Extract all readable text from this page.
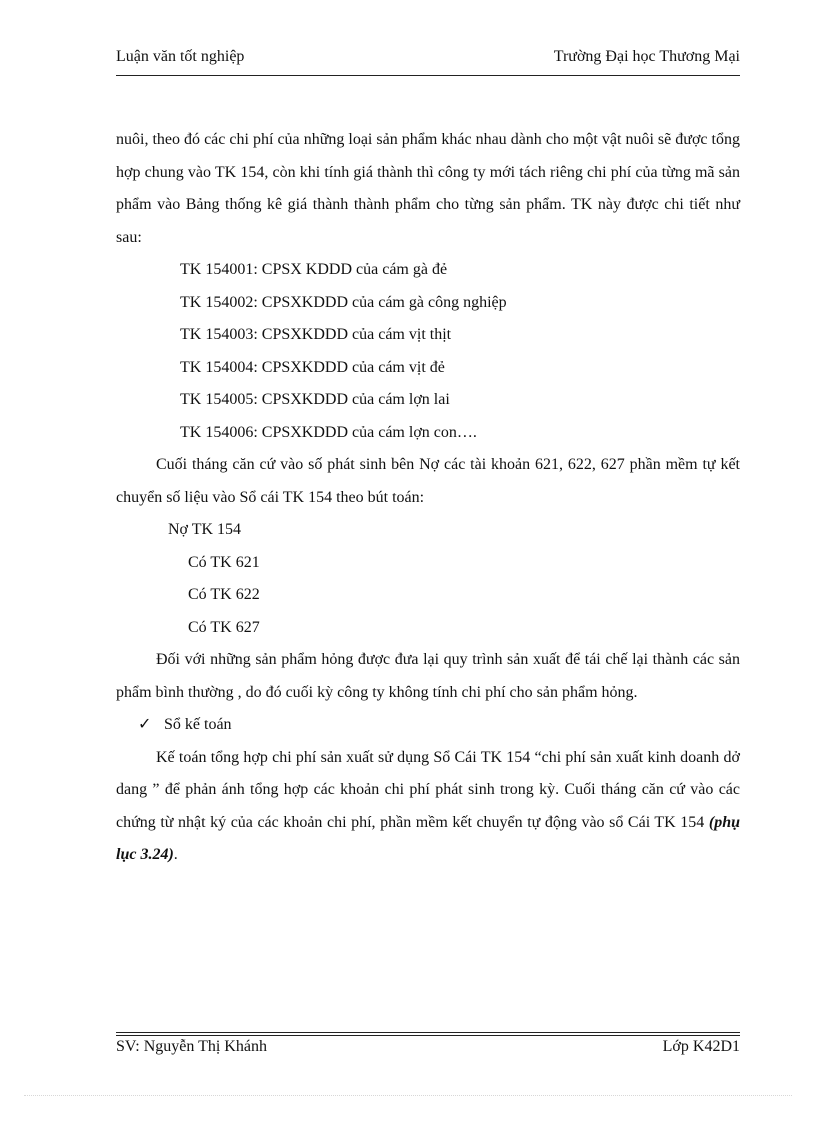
Luận văn tốt nghiệp	Trường Đại học Thương Mại

nuôi, theo đó các chi phí của những loại sản phẩm khác nhau dành cho một vật nuôi sẽ được tổng hợp chung vào TK 154, còn khi tính giá thành thì công ty mới tách riêng chi phí của từng mã sản phẩm vào Bảng thống kê giá thành thành phẩm cho từng sản phẩm. TK này được chi tiết như sau:

TK 154001: CPSX KDDD của cám gà đẻ

TK 154002: CPSXKDDD của cám gà công nghiệp

TK 154003: CPSXKDDD của cám vịt thịt

TK 154004: CPSXKDDD của cám vịt đẻ

TK 154005: CPSXKDDD của cám lợn lai

TK 154006: CPSXKDDD của cám lợn con….

Cuối tháng căn cứ vào số phát sinh bên Nợ các tài khoản 621, 622, 627 phần mềm tự kết chuyển số liệu vào Sổ cái TK 154 theo bút toán:

Nợ TK 154

Có TK 621

Có TK 622

Có TK 627

Đối với những sản phẩm hỏng được đưa lại quy trình sản xuất để tái chế lại thành các sản phẩm bình thường , do đó cuối kỳ công ty không tính chi phí cho sản phẩm hỏng.

✓ Sổ kế toán

Kế toán tổng hợp chi phí sản xuất sử dụng Sổ Cái TK 154 “chi phí sản xuất kinh doanh dở dang ” để phản ánh tổng hợp các khoản chi phí phát sinh trong kỳ. Cuối tháng căn cứ vào các chứng từ nhật ký của các khoản chi phí, phần mềm kết chuyển tự động vào sổ Cái TK 154 (phụ lục 3.24).

SV: Nguyễn Thị Khánh	Lớp K42D1
